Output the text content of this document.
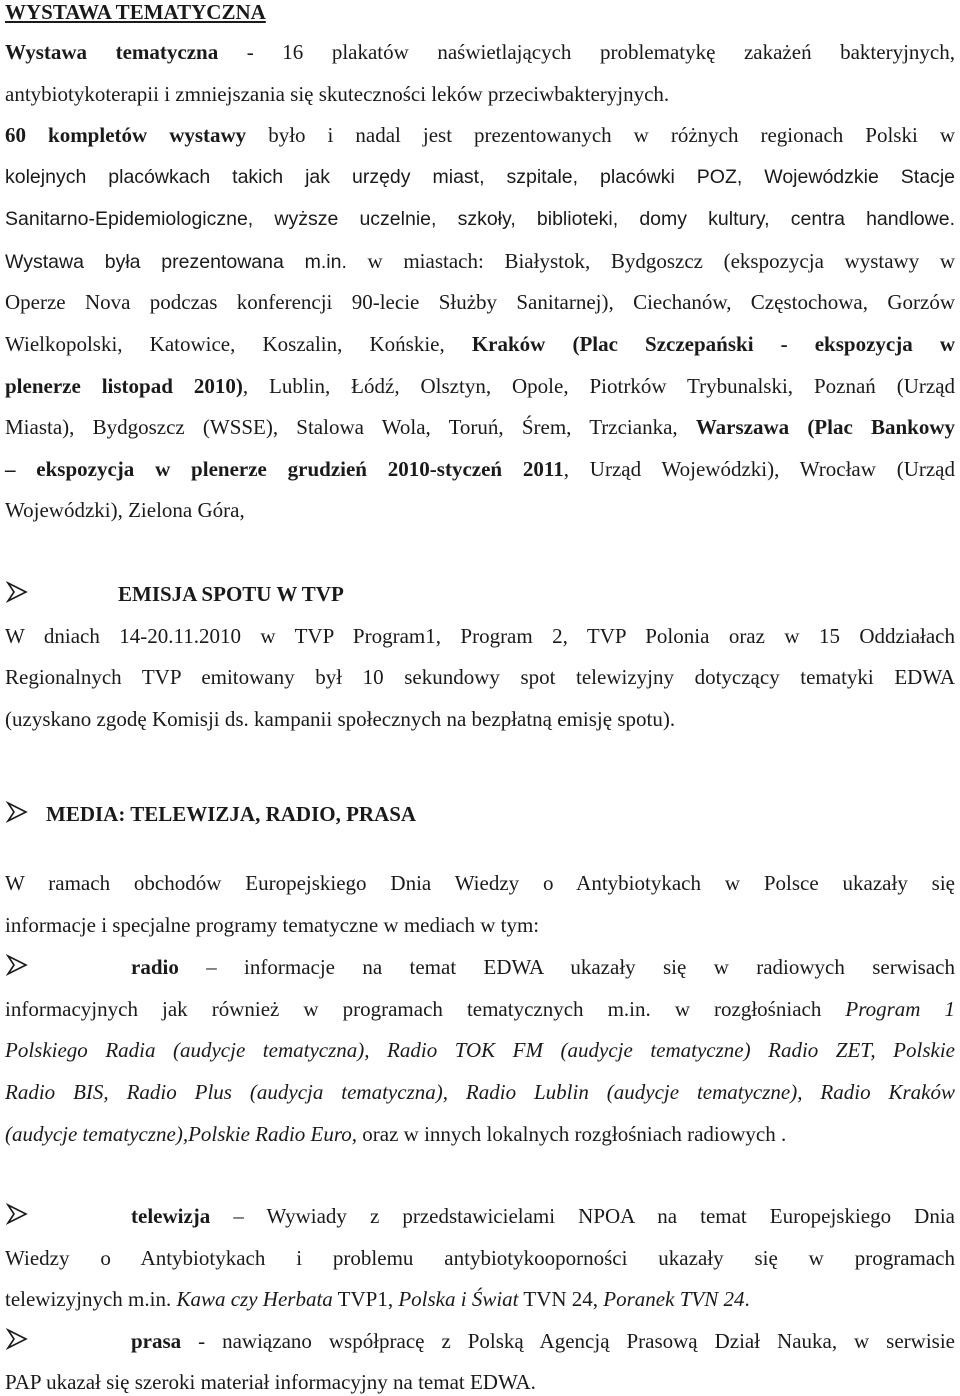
WYSTAWA TEMATYCZNA
Wystawa tematyczna - 16 plakatów naświetlających problematykę zakażeń bakteryjnych,
antybiotykoterapii i zmniejszania się skuteczności leków przeciwbakteryjnych.
60 kompletów wystawy było i nadal jest prezentowanych w różnych regionach Polski w
kolejnych placówkach takich jak urzędy miast, szpitale, placówki POZ, Wojewódzkie Stacje
Sanitarno-Epidemiologiczne, wyższe uczelnie, szkoły, biblioteki, domy kultury, centra handlowe.
Wystawa była prezentowana m.in. w miastach: Białystok, Bydgoszcz (ekspozycja wystawy w
Operze Nova podczas konferencji 90-lecie Służby Sanitarnej), Ciechanów, Częstochowa, Gorzów
Wielkopolski, Katowice, Koszalin, Końskie, Kraków (Plac Szczepański - ekspozycja w
plenerze listopad 2010), Lublin, Łódź, Olsztyn, Opole, Piotrków Trybunalski, Poznań (Urząd
Miasta), Bydgoszcz (WSSE), Stalowa Wola, Toruń, Śrem, Trzcianka, Warszawa (Plac Bankowy
– ekspozycja w plenerze grudzień 2010-styczeń 2011, Urząd Wojewódzki), Wrocław (Urząd
Wojewódzki), Zielona Góra,
EMISJA SPOTU W TVP
W dniach 14-20.11.2010 w TVP Program1, Program 2, TVP Polonia oraz w 15 Oddziałach
Regionalnych TVP emitowany był 10 sekundowy spot telewizyjny dotyczący tematyki EDWA
(uzyskano zgodę Komisji ds. kampanii społecznych na bezpłatną emisję spotu).
MEDIA: TELEWIZJA, RADIO, PRASA
W ramach obchodów Europejskiego Dnia Wiedzy o Antybiotykach w Polsce ukazały się
informacje i specjalne programy tematyczne w mediach w tym:
radio – informacje na temat EDWA ukazały się w radiowych serwisach
informacyjnych jak również w programach tematycznych m.in. w rozgłośniach Program 1
Polskiego Radia (audycje tematyczna), Radio TOK FM (audycje tematyczne) Radio ZET, Polskie
Radio BIS, Radio Plus (audycja tematyczna), Radio Lublin (audycje tematyczne), Radio Kraków
(audycje tematyczne),Polskie Radio Euro, oraz w innych lokalnych rozgłośniach radiowych .
telewizja – Wywiady z przedstawicielami NPOA na temat Europejskiego Dnia
Wiedzy o Antybiotykach i problemu antybiotykooporności ukazały się w programach
telewizyjnych m.in. Kawa czy Herbata TVP1, Polska i Świat TVN 24, Poranek TVN 24.
prasa - nawiązano współpracę z Polską Agencją Prasową Dział Nauka, w serwisie
PAP ukazał się szeroki materiał informacyjny na temat EDWA.
